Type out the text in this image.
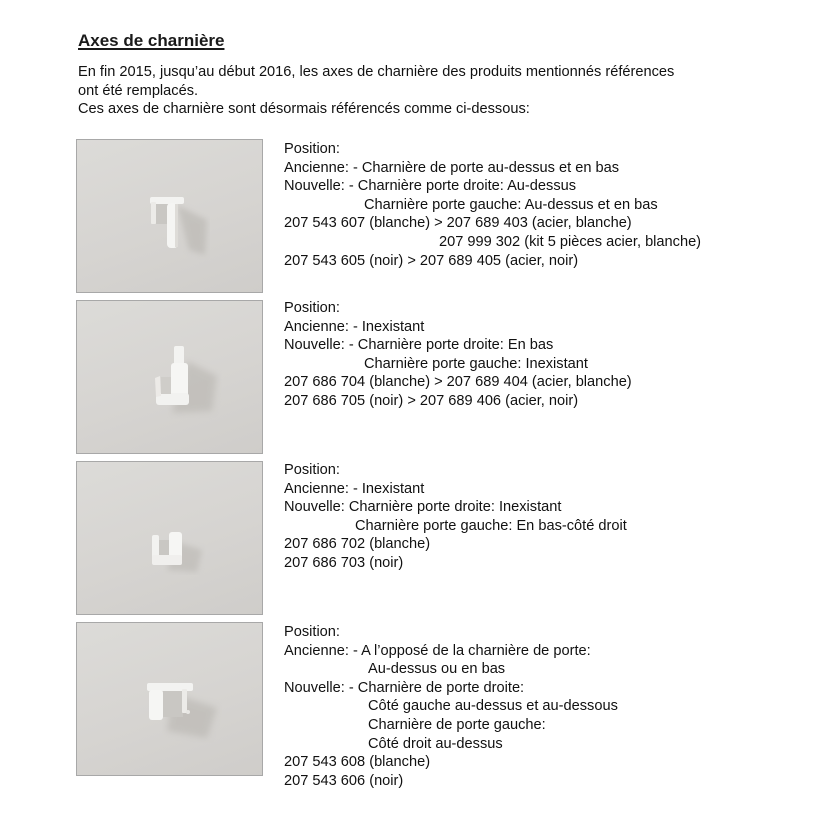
Axes de charnière
En fin 2015, jusqu’au début 2016, les axes de charnière des produits mentionnés références
ont été remplacés.
Ces axes de charnière sont désormais référencés comme ci-dessous:
Position:
Ancienne: - Charnière de porte au-dessus et en bas
Nouvelle: - Charnière porte droite: Au-dessus
Charnière porte gauche: Au-dessus et en bas
207 543 607 (blanche) > 207 689 403 (acier, blanche)
207 999 302 (kit 5 pièces acier, blanche)
207 543 605 (noir) > 207 689 405 (acier, noir)
Position:
Ancienne: - Inexistant
Nouvelle: - Charnière porte droite: En bas
Charnière porte gauche: Inexistant
207 686 704 (blanche) > 207 689 404 (acier, blanche)
207 686 705 (noir) > 207 689 406 (acier, noir)
Position:
Ancienne: - Inexistant
Nouvelle: Charnière porte droite: Inexistant
Charnière porte gauche: En bas-côté droit
207 686 702 (blanche)
207 686 703 (noir)
Position:
Ancienne: - A l’opposé de la charnière de porte:
Au-dessus ou en bas
Nouvelle: - Charnière de porte droite:
Côté gauche au-dessus et au-dessous
Charnière de porte gauche:
Côté droit au-dessus
207 543 608 (blanche)
207 543 606 (noir)
